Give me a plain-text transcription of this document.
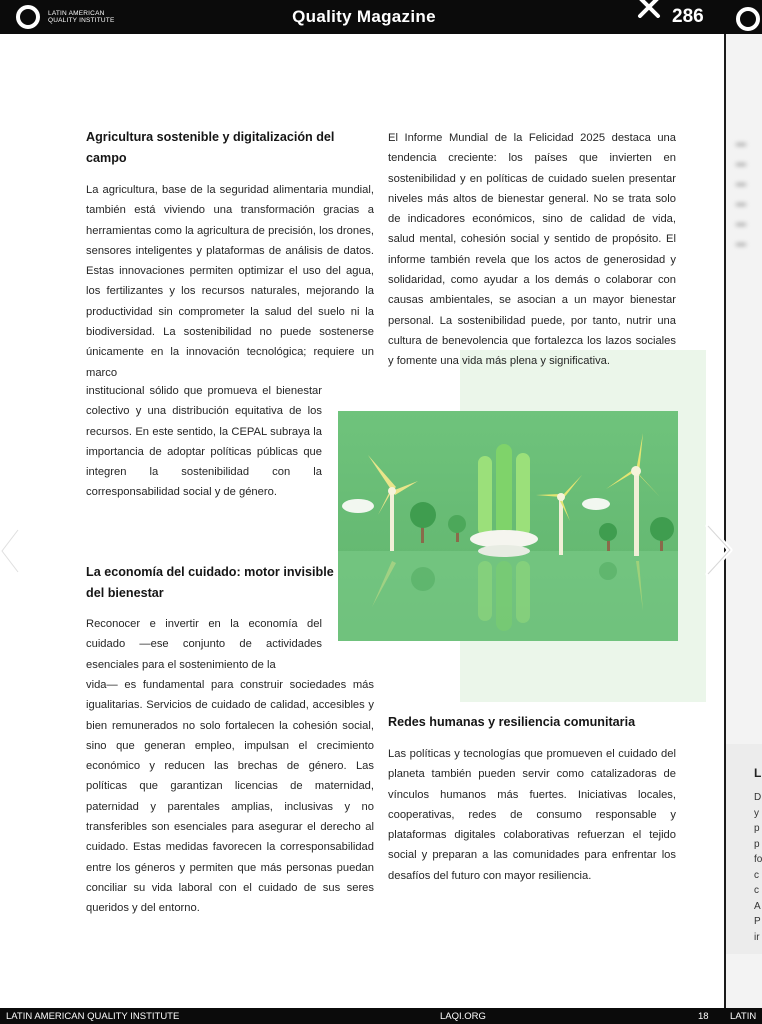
LATIN AMERICAN QUALITY INSTITUTE	Quality Magazine	286
Agricultura sostenible y digitalización del campo
La agricultura, base de la seguridad alimentaria mundial, también está viviendo una transformación gracias a herramientas como la agricultura de precisión, los drones, sensores inteligentes y plataformas de análisis de datos. Estas innovaciones permiten optimizar el uso del agua, los fertilizantes y los recursos naturales, mejorando la productividad sin comprometer la salud del suelo ni la biodiversidad. La sostenibilidad no puede sostenerse únicamente en la innovación tecnológica; requiere un marco
institucional sólido que promueva el bienestar colectivo y una distribución equitativa de los recursos. En este sentido, la CEPAL subraya la importancia de adoptar políticas públicas que integren la sostenibilidad con la corresponsabilidad social y de género.
La economía del cuidado: motor invisible del bienestar
Reconocer e invertir en la economía del cuidado —ese conjunto de actividades esenciales para el sostenimiento de la
vida— es fundamental para construir sociedades más igualitarias. Servicios de cuidado de calidad, accesibles y bien remunerados no solo fortalecen la cohesión social, sino que generan empleo, impulsan el crecimiento económico y reducen las brechas de género. Las políticas que garantizan licencias de maternidad, paternidad y parentales amplias, inclusivas y no transferibles son esenciales para asegurar el derecho al cuidado. Estas medidas favorecen la corresponsabilidad entre los géneros y permiten que más personas puedan conciliar su vida laboral con el cuidado de sus seres queridos y del entorno.
El Informe Mundial de la Felicidad 2025 destaca una tendencia creciente: los países que invierten en sostenibilidad y en políticas de cuidado suelen presentar niveles más altos de bienestar general. No se trata solo de indicadores económicos, sino de calidad de vida, salud mental, cohesión social y sentido de propósito. El informe también revela que los actos de generosidad y solidaridad, como ayudar a los demás o colaborar con causas ambientales, se asocian a un mayor bienestar personal. La sostenibilidad puede, por tanto, nutrir una cultura de benevolencia que fortalezca los lazos sociales y fomente una vida más plena y significativa.
Redes humanas y resiliencia comunitaria
Las políticas y tecnologías que promueven el cuidado del planeta también pueden servir como catalizadoras de vínculos humanos más fuertes. Iniciativas locales, cooperativas, redes de consumo responsable y plataformas digitales colaborativas refuerzan el tejido social y preparan a las comunidades para enfrentar los desafíos del futuro con mayor resiliencia.
▬
▬
▬
▬
▬
▬
L
D
y
p
p
fo
c
c
A
P
ir
LATIN AMERICAN QUALITY INSTITUTE	LAQI.ORG	18 LATIN
